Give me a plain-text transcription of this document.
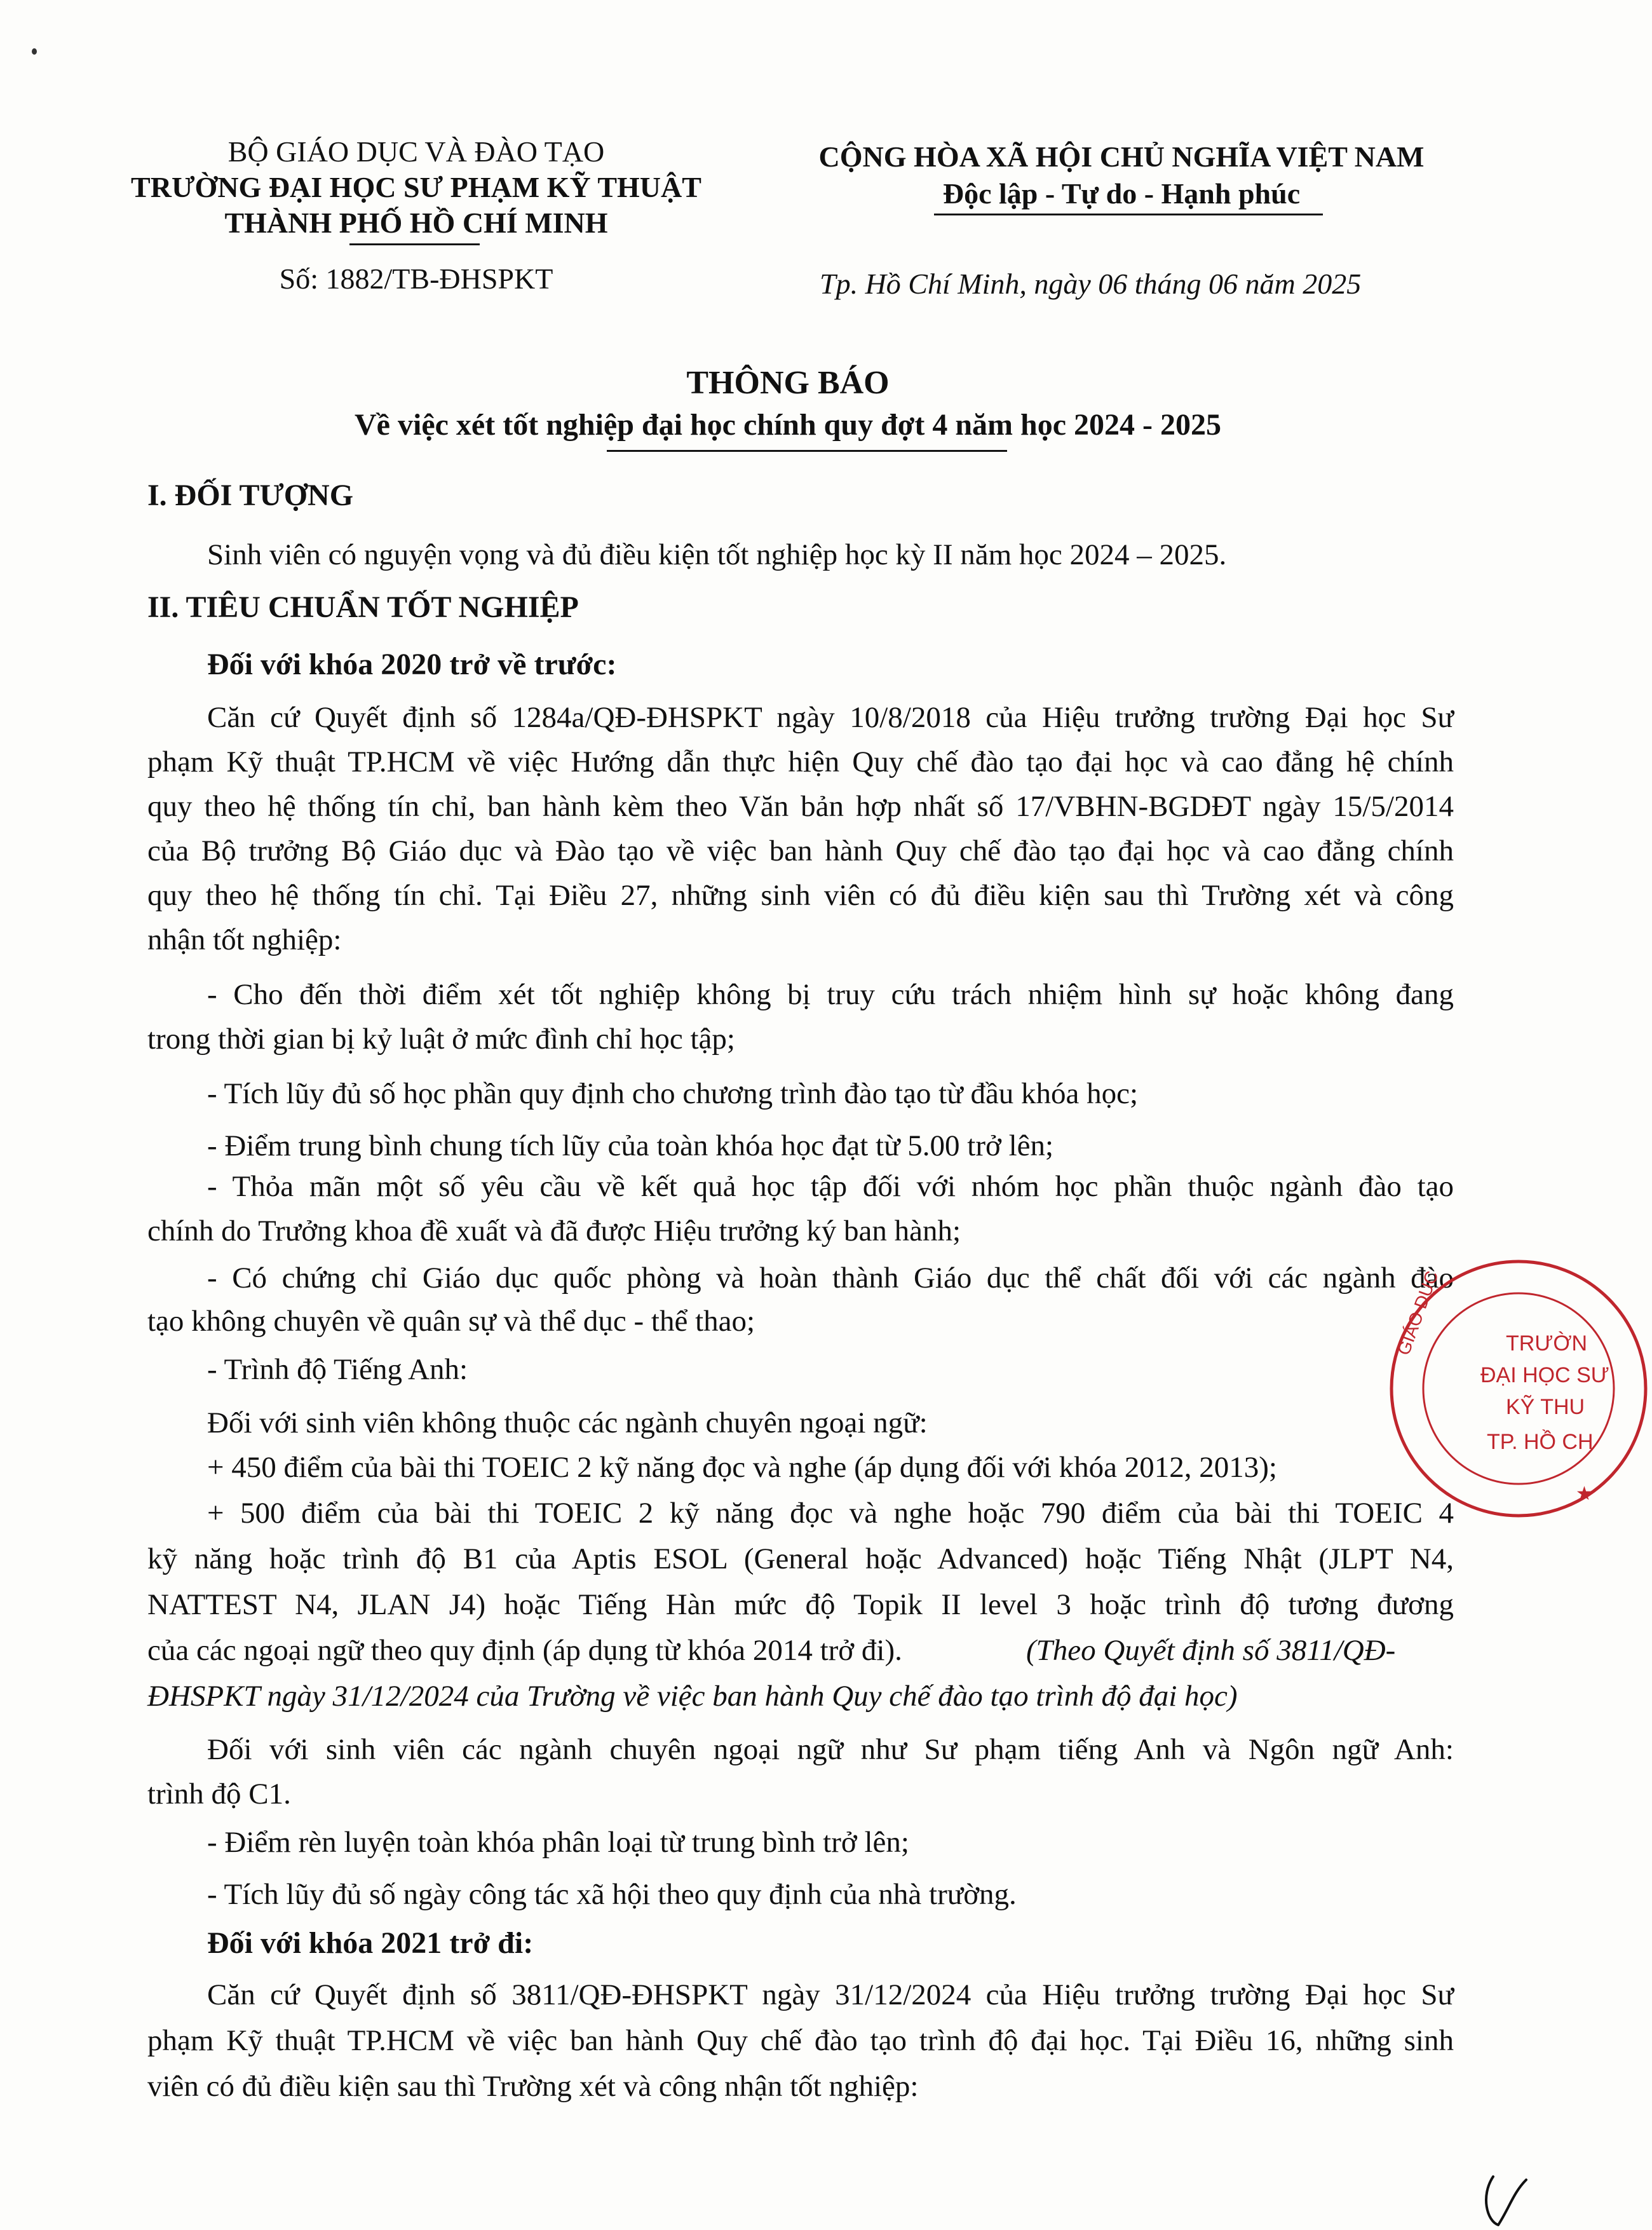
BỘ GIÁO DỤC VÀ ĐÀO TẠO
TRƯỜNG ĐẠI HỌC SƯ PHẠM KỸ THUẬT
THÀNH PHỐ HỒ CHÍ MINH
Số: 1882/TB-ĐHSPKT
CỘNG HÒA XÃ HỘI CHỦ NGHĨA VIỆT NAM
Độc lập - Tự do - Hạnh phúc
Tp. Hồ Chí Minh, ngày 06 tháng 06 năm 2025
THÔNG BÁO
Về việc xét tốt nghiệp đại học chính quy đợt 4 năm học 2024 - 2025
I. ĐỐI TƯỢNG
Sinh viên có nguyện vọng và đủ điều kiện tốt nghiệp học kỳ II năm học 2024 – 2025.
II. TIÊU CHUẨN TỐT NGHIỆP
Đối với khóa 2020 trở về trước:
Căn cứ Quyết định số 1284a/QĐ-ĐHSPKT ngày 10/8/2018 của Hiệu trưởng trường Đại học Sư
phạm Kỹ thuật TP.HCM về việc Hướng dẫn thực hiện Quy chế đào tạo đại học và cao đẳng hệ chính
quy theo hệ thống tín chỉ, ban hành kèm theo Văn bản hợp nhất số 17/VBHN-BGDĐT ngày 15/5/2014
của Bộ trưởng Bộ Giáo dục và Đào tạo về việc ban hành Quy chế đào tạo đại học và cao đẳng chính
quy theo hệ thống tín chỉ. Tại Điều 27, những sinh viên có đủ điều kiện sau thì Trường xét và công
nhận tốt nghiệp:
- Cho đến thời điểm xét tốt nghiệp không bị truy cứu trách nhiệm hình sự hoặc không đang
trong thời gian bị kỷ luật ở mức đình chỉ học tập;
- Tích lũy đủ số học phần quy định cho chương trình đào tạo từ đầu khóa học;
- Điểm trung bình chung tích lũy của toàn khóa học đạt từ 5.00 trở lên;
- Thỏa mãn một số yêu cầu về kết quả học tập đối với nhóm học phần thuộc ngành đào tạo
chính do Trưởng khoa đề xuất và đã được Hiệu trưởng ký ban hành;
- Có chứng chỉ Giáo dục quốc phòng và hoàn thành Giáo dục thể chất đối với các ngành đào
tạo không chuyên về quân sự và thể dục - thể thao;
- Trình độ Tiếng Anh:
Đối với sinh viên không thuộc các ngành chuyên ngoại ngữ:
+ 450 điểm của bài thi TOEIC 2 kỹ năng đọc và nghe (áp dụng đối với khóa 2012, 2013);
+ 500 điểm của bài thi TOEIC 2 kỹ năng đọc và nghe hoặc 790 điểm của bài thi TOEIC 4
kỹ năng hoặc trình độ B1 của Aptis ESOL (General hoặc Advanced) hoặc Tiếng Nhật (JLPT N4,
NATTEST N4, JLAN J4) hoặc Tiếng Hàn mức độ Topik II level 3 hoặc trình độ tương đương
của các ngoại ngữ theo quy định (áp dụng từ khóa 2014 trở đi).	(Theo Quyết định số 3811/QĐ-
ĐHSPKT ngày 31/12/2024 của Trường về việc ban hành Quy chế đào tạo trình độ đại học)
Đối với sinh viên các ngành chuyên ngoại ngữ như Sư phạm tiếng Anh và Ngôn ngữ Anh:
trình độ C1.
- Điểm rèn luyện toàn khóa phân loại từ trung bình trở lên;
- Tích lũy đủ số ngày công tác xã hội theo quy định của nhà trường.
Đối với khóa 2021 trở đi:
Căn cứ Quyết định số 3811/QĐ-ĐHSPKT ngày 31/12/2024 của Hiệu trưởng trường Đại học Sư
phạm Kỹ thuật TP.HCM về việc ban hành Quy chế đào tạo trình độ đại học. Tại Điều 16, những sinh
viên có đủ điều kiện sau thì Trường xét và công nhận tốt nghiệp:
GIÁO DỤC	TRƯỜN
ĐẠI HỌC SƯ
KỸ THU
TP. HỒ CH
★
